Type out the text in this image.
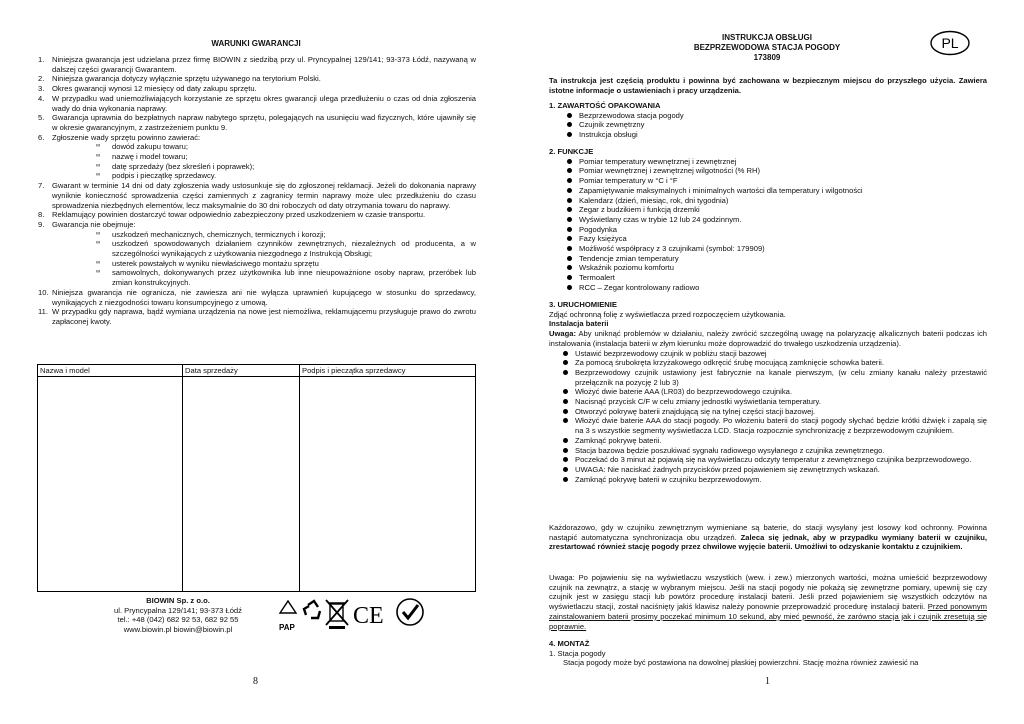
WARUNKI GWARANCJI
1. Niniejsza gwarancja jest udzielana przez firmę BIOWIN z siedzibą przy ul. Pryncypalnej 129/141; 93-373 Łódź, nazywaną w dalszej części gwarancji Gwarantem.
2. Niniejsza gwarancja dotyczy wyłącznie sprzętu używanego na terytorium Polski.
3. Okres gwarancji wynosi 12 miesięcy od daty zakupu sprzętu.
4. W przypadku wad uniemożliwiających korzystanie ze sprzętu okres gwarancji ulega przedłużeniu o czas od dnia zgłoszenia wady do dnia wykonania naprawy.
5. Gwarancja uprawnia do bezpłatnych napraw nabytego sprzętu, polegających na usunięciu wad fizycznych, które ujawniły się w okresie gwarancyjnym, z zastrzeżeniem punktu 9.
6. Zgłoszenie wady sprzętu powinno zawierać:
∞ dowód zakupu towaru;
∞ nazwę i model towaru;
∞ datę sprzedaży (bez skreśleń i poprawek);
∞ podpis i pieczątkę sprzedawcy.
7. Gwarant w terminie 14 dni od daty zgłoszenia wady ustosunkuje się do zgłoszonej reklamacji. Jeżeli do dokonania naprawy wyniknie konieczność sprowadzenia części zamiennych z zagranicy termin naprawy może ulec przedłużeniu do czasu sprowadzenia niezbędnych elementów, lecz maksymalnie do 30 dni roboczych od daty otrzymania towaru do naprawy.
8. Reklamujący powinien dostarczyć towar odpowiednio zabezpieczony przed uszkodzeniem w czasie transportu.
9. Gwarancja nie obejmuje:
∞ uszkodzeń mechanicznych, chemicznych, termicznych i korozji;
∞ uszkodzeń spowodowanych działaniem czynników zewnętrznych, niezależnych od producenta, a w szczególności wynikających z użytkowania niezgodnego z Instrukcją Obsługi;
∞ usterek powstałych w wyniku niewłaściwego montażu sprzętu
∞ samowolnych, dokonywanych przez użytkownika lub inne nieupoważnione osoby napraw, przeróbek lub zmian konstrukcyjnych.
10. Niniejsza gwarancja nie ogranicza, nie zawiesza ani nie wyłącza uprawnień kupującego w stosunku do sprzedawcy, wynikających z niezgodności towaru konsumpcyjnego z umową.
11. W przypadku gdy naprawa, bądź wymiana urządzenia na nowe jest niemożliwa, reklamującemu przysługuje prawo do zwrotu zapłaconej kwoty.
Nazwa i model	Data sprzedaży	Podpis i pieczątka sprzedawcy

BIOWIN Sp. z o.o.
ul. Pryncypalna 129/141; 93-373 Łódź
tel.: +48 (042) 682 92 53, 682 92 55
www.biowin.pl biowin@biowin.pl	PAP CE
8
INSTRUKCJA OBSŁUGI
BEZPRZEWODOWA STACJA POGODY
173809
PL
Ta instrukcja jest częścią produktu i powinna być zachowana w bezpiecznym miejscu do przyszłego użycia. Zawiera istotne informacje o ustawieniach i pracy urządzenia.
1. ZAWARTOŚĆ OPAKOWANIA
Bezprzewodowa stacja pogody
Czujnik zewnętrzny
Instrukcja obsługi
2. FUNKCJE
Pomiar temperatury wewnętrznej i zewnętrznej
Pomiar wewnętrznej i zewnętrznej wilgotności (% RH)
Pomiar temperatury w °C i °F
Zapamiętywanie maksymalnych i minimalnych wartości dla temperatury i wilgotności
Kalendarz (dzień, miesiąc, rok, dni tygodnia)
Zegar z budzikiem i funkcją drzemki
Wyświetlany czas w trybie 12 lub 24 godzinnym.
Pogodynka
Fazy księżyca
Możliwość współpracy z 3 czujnikami (symbol: 179909)
Tendencje zmian temperatury
Wskaźnik poziomu komfortu
Termoalert
RCC – Zegar kontrolowany radiowo
3. URUCHOMIENIE
Zdjąć ochronną folię z wyświetlacza przed rozpoczęciem użytkowania.
Instalacja baterii
Uwaga: Aby uniknąć problemów w działaniu, należy zwrócić szczególną uwagę na polaryzację alkalicznych baterii podczas ich instalowania (instalacja baterii w złym kierunku może doprowadzić do trwałego uszkodzenia urządzenia).
Ustawić bezprzewodowy czujnik w pobliżu stacji bazowej
Za pomocą śrubokręta krzyżakowego odkręcić śrubę mocującą zamknięcie schowka baterii.
Bezprzewodowy czujnik ustawiony jest fabrycznie na kanale pierwszym, (w celu zmiany kanału należy przestawić przełącznik na pozycję 2 lub 3)
Włożyć dwie baterie AAA (LR03) do bezprzewodowego czujnika.
Nacisnąć przycisk C/F w celu zmiany jednostki wyświetlania temperatury.
Otworzyć pokrywę baterii znajdującą się na tylnej części stacji bazowej.
Włożyć dwie baterie AAA do stacji pogody. Po włożeniu baterii do stacji pogody słychać będzie krótki dźwięk i zapalą się na 3 s wszystkie segmenty wyświetlacza LCD. Stacja rozpocznie synchronizację z bezprzewodowym czujnikiem.
Zamknąć pokrywę baterii.
Stacja bazowa będzie poszukiwać sygnału radiowego wysyłanego z czujnika zewnętrznego.
Poczekać do 3 minut aż pojawią się na wyświetlaczu odczyty temperatur z zewnętrznego czujnika bezprzewodowego.
UWAGA: Nie naciskać żadnych przycisków przed pojawieniem się zewnętrznych wskazań.
Zamknąć pokrywę baterii w czujniku bezprzewodowym.
Każdorazowo, gdy w czujniku zewnętrznym wymieniane są baterie, do stacji wysyłany jest losowy kod ochronny. Powinna nastąpić automatyczna synchronizacja obu urządzeń. Zaleca się jednak, aby w przypadku wymiany baterii w czujniku, zrestartować również stację pogody przez chwilowe wyjęcie baterii. Umożliwi to odzyskanie kontaktu z czujnikiem.
Uwaga: Po pojawieniu się na wyświetlaczu wszystkich (wew. i zew.) mierzonych wartości, można umieścić bezprzewodowy czujnik na zewnątrz, a stację w wybranym miejscu. Jeśli na stacji pogody nie pokażą się zewnętrzne pomiary, upewnij się czy czujnik jest w zasięgu stacji lub powtórz procedurę instalacji baterii. Jeśli przed pojawieniem się wszystkich odczytów na wyświetlaczu stacji, został naciśnięty jakiś klawisz należy ponownie przeprowadzić procedurę instalacji baterii. Przed ponownym zainstalowaniem baterii prosimy poczekać minimum 10 sekund, aby mieć pewność, że zarówno stacja jak i czujnik zresetują się poprawnie.
4. MONTAŻ
1. Stacja pogody
Stacja pogody może być postawiona na dowolnej płaskiej powierzchni. Stację można również zawiesić na
1
